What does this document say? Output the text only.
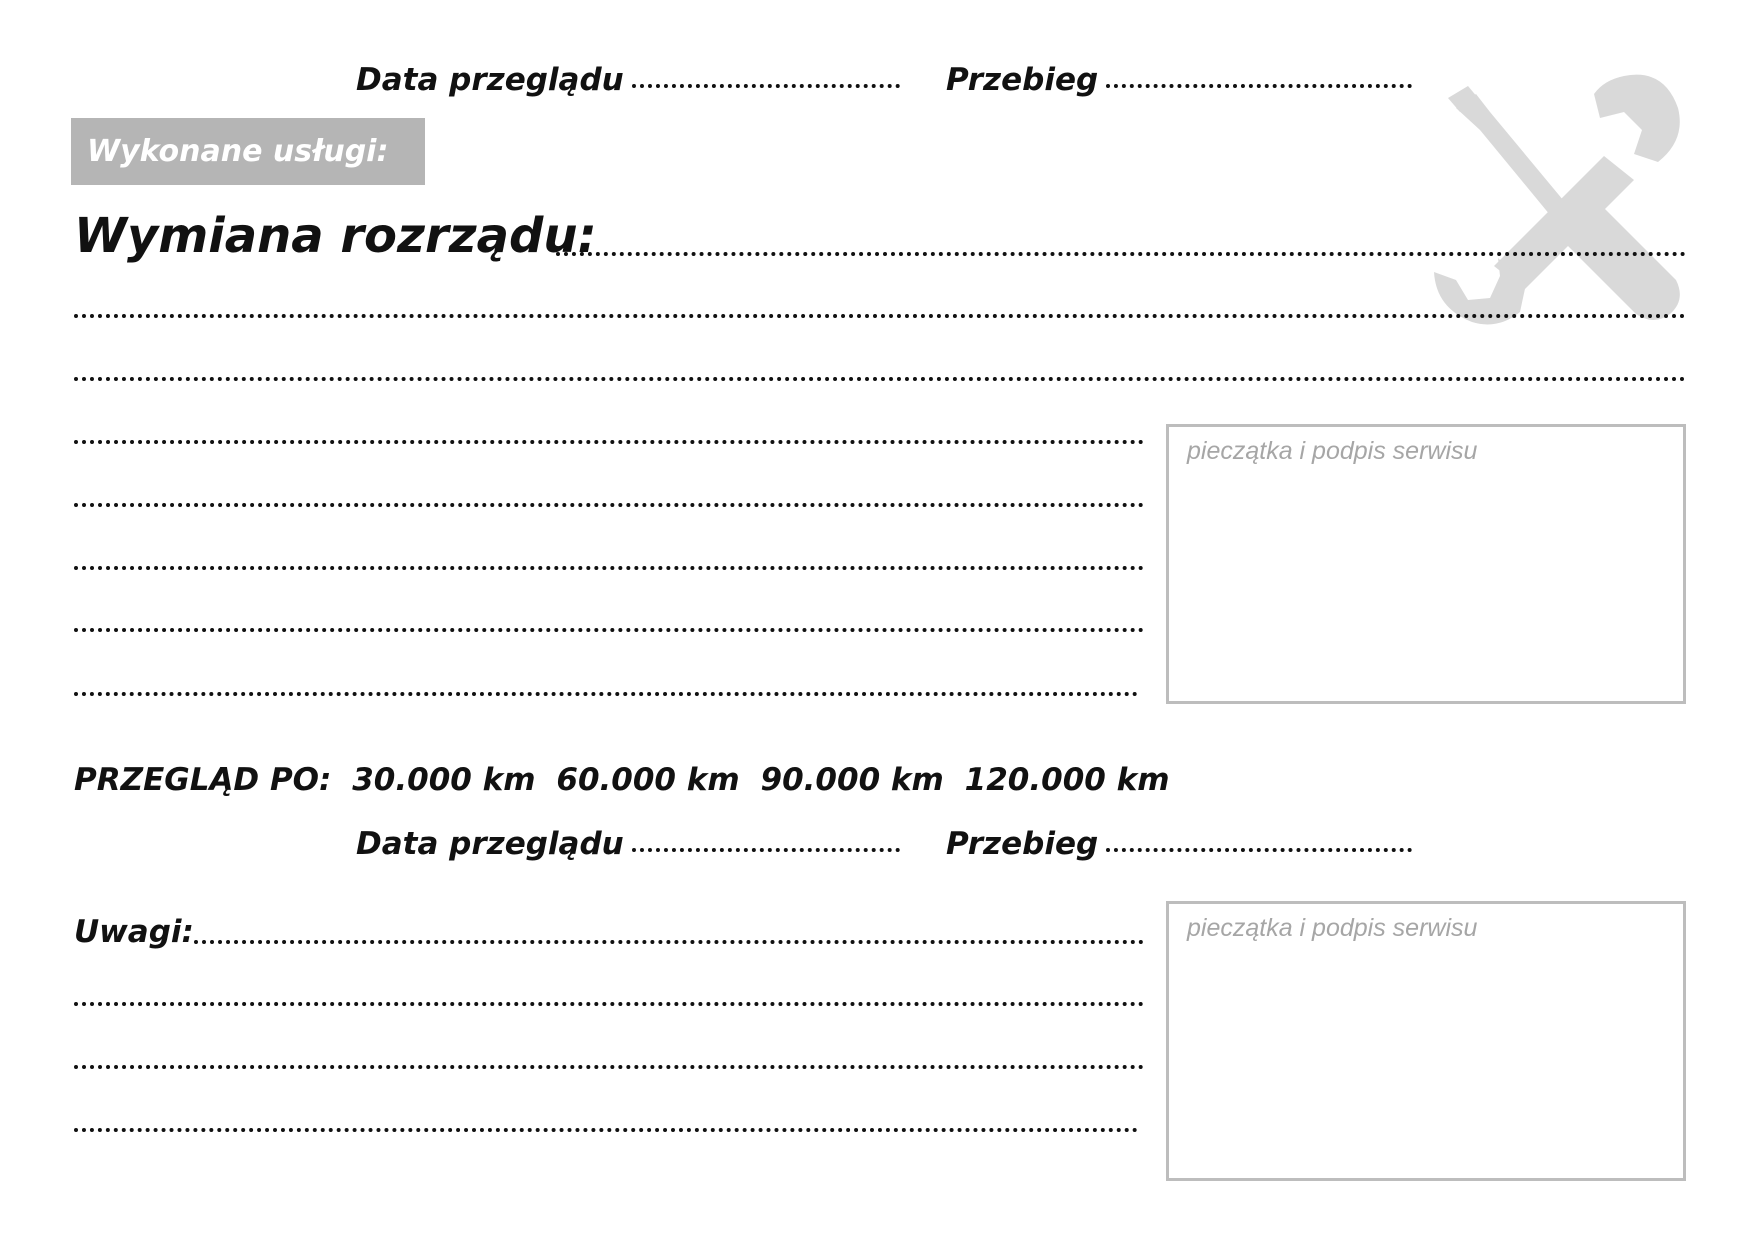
Data przeglądu	Przebieg
Wykonane usługi:
Wymiana rozrządu:
pieczątka i podpis serwisu
PRZEGLĄD PO: 30.000 km 60.000 km 90.000 km 120.000 km
Data przeglądu	Przebieg
Uwagi:	pieczątka i podpis serwisu
